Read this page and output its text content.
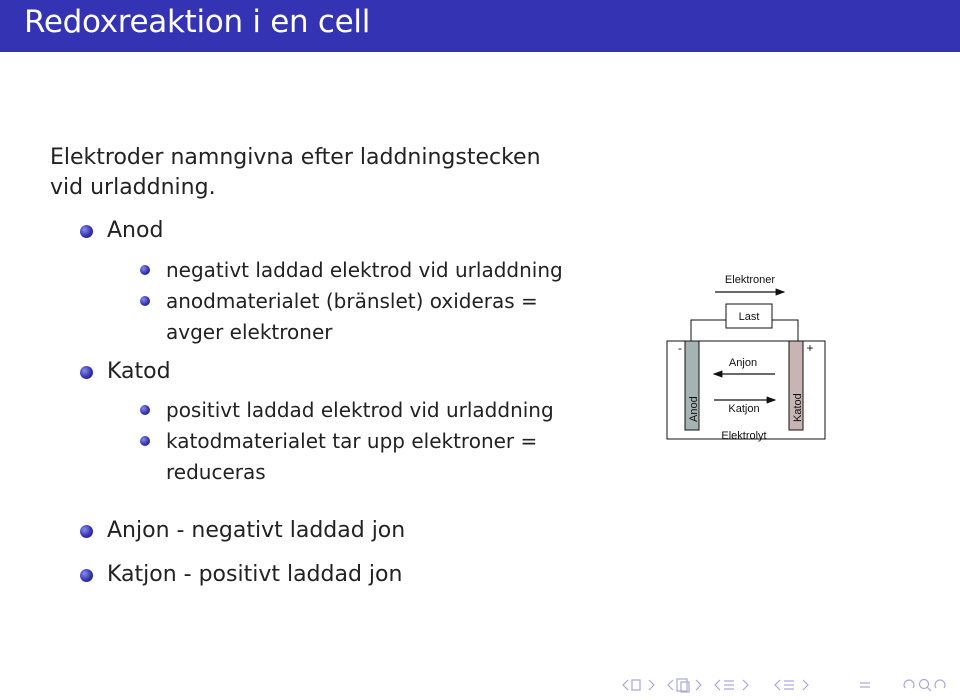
Redoxreaktion i en cell
Elektroder namngivna efter laddningstecken
vid urladdning.
Anod
negativt laddad elektrod vid urladdning
anodmaterialet (bränslet) oxideras =
avger elektroner
Katod
positivt laddad elektrod vid urladdning
katodmaterialet tar upp elektroner =
reduceras
Anjon - negativt laddad jon
Katjon - positivt laddad jon
Elektroner
Last
-	+
Anod	Katod
Anjon
Katjon
Elektrolyt
